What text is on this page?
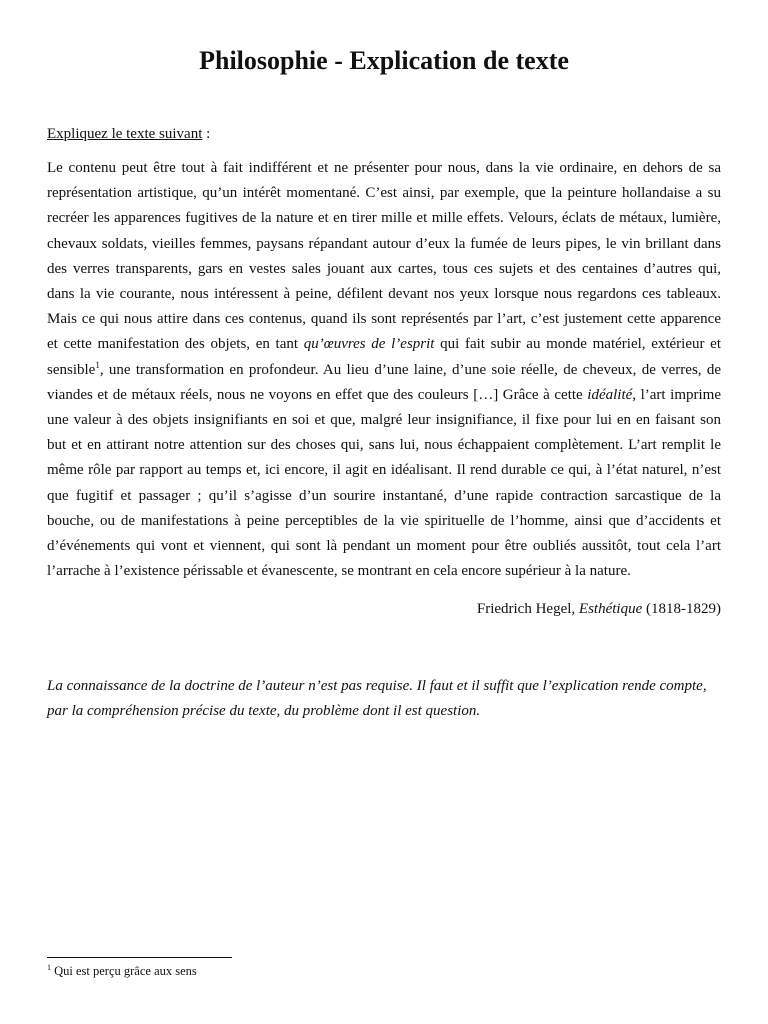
Philosophie - Explication de texte
Expliquez le texte suivant :
Le contenu peut être tout à fait indifférent et ne présenter pour nous, dans la vie ordinaire, en dehors de sa
représentation artistique, qu’un intérêt momentané. C’est ainsi, par exemple, que la peinture hollandaise a su
recréer les apparences fugitives de la nature et en tirer mille et mille effets. Velours, éclats de métaux, lumière,
chevaux soldats, vieilles femmes, paysans répandant autour d’eux la fumée de leurs pipes, le vin brillant dans
des verres transparents, gars en vestes sales jouant aux cartes, tous ces sujets et des centaines d’autres qui,
dans la vie courante, nous intéressent à peine, défilent devant nos yeux lorsque nous regardons ces tableaux.
Mais ce qui nous attire dans ces contenus, quand ils sont représentés par l’art, c’est justement cette apparence
et cette manifestation des objets, en tant qu’œuvres de l’esprit qui fait subir au monde matériel, extérieur et
sensible$^1$, une transformation en profondeur. Au lieu d’une laine, d’une soie réelle, de cheveux, de verres, de
viandes et de métaux réels, nous ne voyons en effet que des couleurs […] Grâce à cette idéalité, l’art imprime
une valeur à des objets insignifiants en soi et que, malgré leur insignifiance, il fixe pour lui en en faisant son
but et en attirant notre attention sur des choses qui, sans lui, nous échappaient complètement. L’art remplit le
même rôle par rapport au temps et, ici encore, il agit en idéalisant. Il rend durable ce qui, à l’état naturel, n’est
que fugitif et passager ; qu’il s’agisse d’un sourire instantané, d’une rapide contraction sarcastique de la
bouche, ou de manifestations à peine perceptibles de la vie spirituelle de l’homme, ainsi que d’accidents et
d’événements qui vont et viennent, qui sont là pendant un moment pour être oubliés aussitôt, tout cela l’art
l’arrache à l’existence périssable et évanescente, se montrant en cela encore supérieur à la nature.
Friedrich Hegel, Esthétique (1818-1829)
La connaissance de la doctrine de l’auteur n’est pas requise. Il faut et il suffit que l’explication rende compte,
par la compréhension précise du texte, du problème dont il est question.
$^1$ Qui est perçu grâce aux sens
